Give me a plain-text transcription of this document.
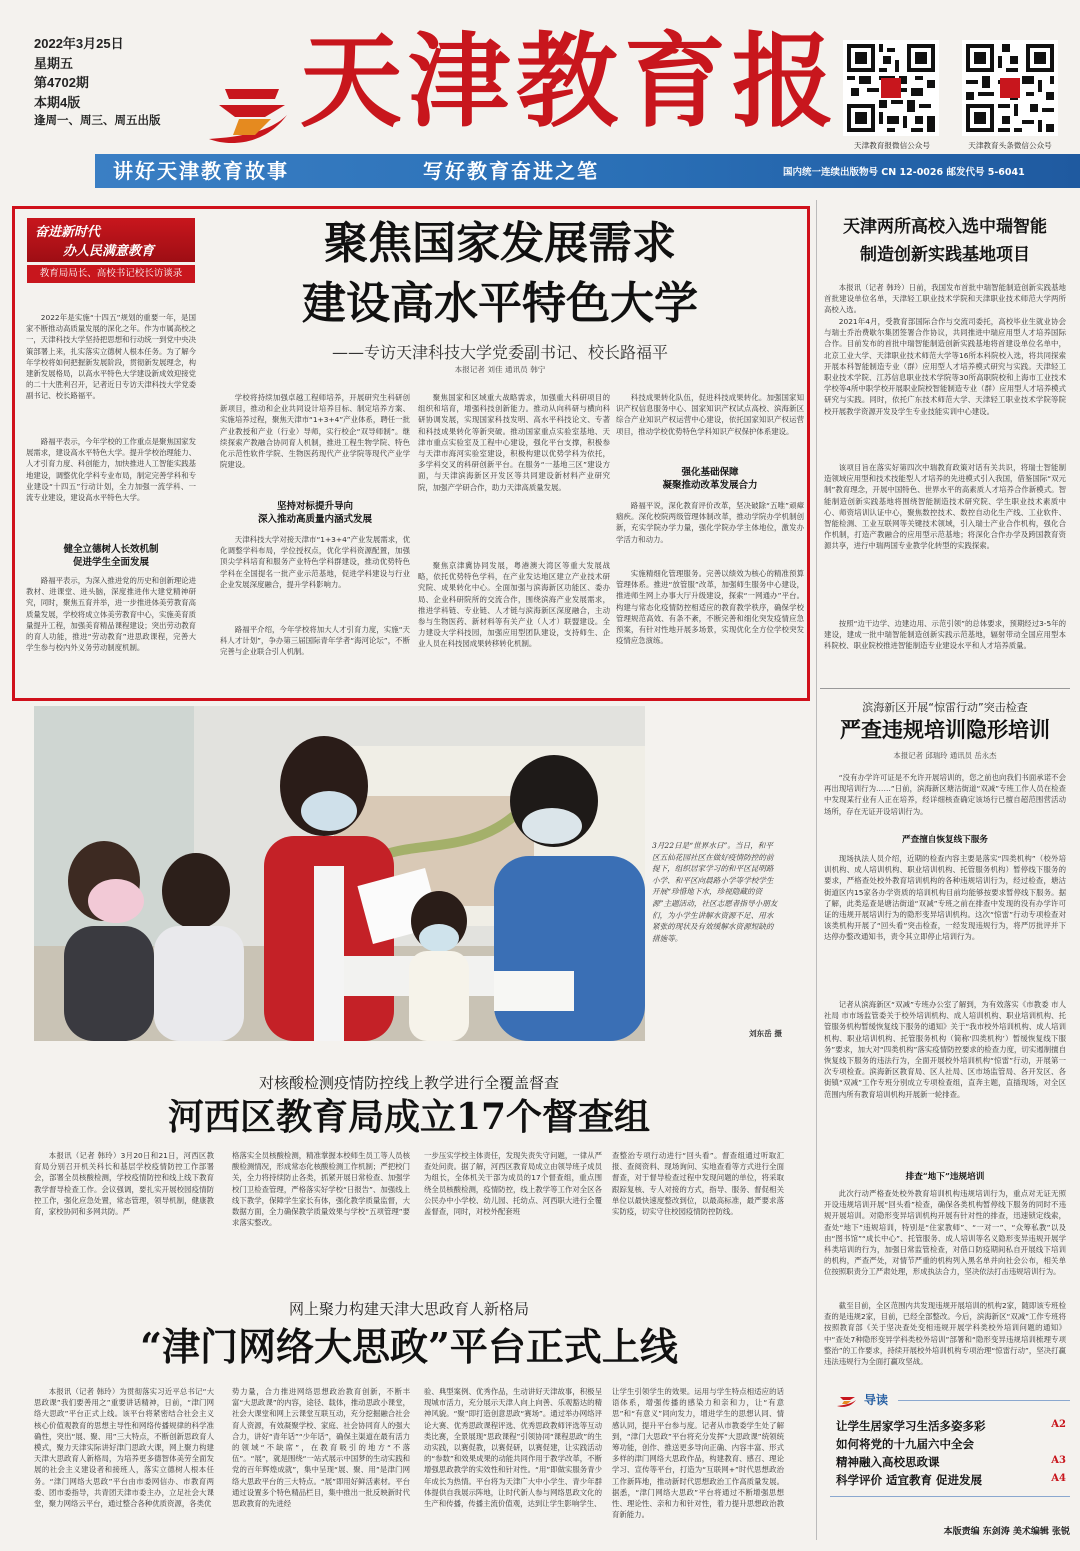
2022年3月25日
星期五
第4702期
本期4版
逢周一、周三、周五出版 天津教育报
天津教育报微信公众号	天津教育头条微信公众号
讲好天津教育故事	写好教育奋进之笔	国内统一连续出版物号 CN 12-0026 邮发代号 5-6041
奋进新时代
办人民满意教育
教育局局长、高校书记校长访谈录
聚焦国家发展需求
建设高水平特色大学
——专访天津科技大学党委副书记、校长路福平
本报记者 刘佳 通讯员 韩宁

2022年是实施“十四五”规划的重要一年，是国家不断推动高质量发展的深化之年。作为市属高校之一，天津科技大学坚持把思想和行动统一到党中央决策部署上来，扎实落实立德树人根本任务。为了解今年学校将如何把握新发展阶段，贯彻新发展理念，构建新发展格局，以高水平特色大学建设新成效迎接党的二十大胜利召开，记者近日专访天津科技大学党委副书记、校长路福平。

路福平表示，今年学校的工作重点是聚焦国家发展需求，建设高水平特色大学。提升学校治理能力、人才引育力度、科创能力，加快推进人工智能实践基地建设，调整优化学科专业布局，制定完善学科和专业建设“十四五”行动计划，全力加强一流学科、一流专业建设，建设高水平特色大学。

健全立德树人长效机制
促进学生全面发展

路福平表示，为深入推进党的历史和创新理论进教材、进课堂、进头脑，深度推进伟大建党精神研究，同时，聚焦五育并举，进一步推进体美劳教育高质量发展，学校将成立体美劳教育中心，实施美育质量提升工程，加强美育精品课程建设；突出劳动教育的育人功能，推进“劳动教育”进思政课程，完善大学生参与校内外义务劳动制度机制。

学校将持续加强卓越工程师培养，开展研究生科研创新项目，推动和企业共同设计培养目标、制定培养方案、实施培养过程，聚焦天津市“1+3+4”产业体系，聘任一批产业教授和产业（行业）导师，实行校企“双导师制”。继续探索产教融合协同育人机制，推进工程生物学院、特色化示范性软件学院、生物医药现代产业学院等现代产业学院建设。

坚持对标提升导向
深入推动高质量内涵式发展

天津科技大学对接天津市“1+3+4”产业发展需求，优化调整学科布局，学位授权点，优化学科资源配置，加强顶尖学科培育和服务产业特色学科群建设，推动优势特色学科在全国提名一批产业示范基地，促进学科建设与行业企业发展深度融合，提升学科影响力。

路福平介绍，今年学校将加大人才引育力度，实施“天科人才计划”，争办第三届国际青年学者“海河论坛”，不断完善与企业联合引人机制。

聚焦国家和区域重大战略需求，加强重大科研项目的组织和培育，增强科技创新能力。推动从向科研与横向科研协调发展，实现国家科技发明、高水平科技论文、专著和科技成果转化等新突破。推动国家重点实验室基地、天津市重点实验室及工程中心建设，强化平台支撑，积极参与天津市海河实验室建设，积极构建以优势学科为依托，多学科交叉的科研创新平台。在服务“一基地三区”建设方面，与天津滨海新区开发区等共同建设新材料产业研究院，加强产学研合作，助力天津高质量发展。

聚焦京津冀协同发展，粤港澳大湾区等重大发展战略，依托优势特色学科，在产业发达地区建立产业技术研究院、成果转化中心。全面加强与滨海新区功能区、委办局、企业科研院所的交流合作，围绕滨海产业发展需求，推进学科链、专业链、人才链与滨海新区深度融合，主动参与生物医药、新材料等有关产业（人才）联盟建设。全力建设大学科技园，加强应用型团队建设，支持师生、企业人员在科技园成果转移转化机制。

科技成果转化队伍，促进科技成果转化。加强国家知识产权信息服务中心、国家知识产权试点高校、滨海新区综合产业知识产权运营中心建设，依托国家知识产权运营项目，推动学校优势特色学科知识产权保护体系建设。

强化基础保障
凝聚推动改革发展合力

路福平说，深化教育评价改革，坚决破除“五唯”顽瘴痼疾。深化校院两级管理体制改革，推动学院办学机制创新，充实学院办学力量，强化学院办学主体地位，激发办学活力和动力。

实施精细化管理服务。完善以绩效为核心的精准预算管理体系。推进“放管服”改革，加强师生服务中心建设，推进师生网上办事大厅升级建设，探索“一网通办”平台。构建与常态化疫情防控相适应的教育教学秩序，确保学校管理规范高效、有条不紊，不断完善和细化突发疫情应急预案，有针对性地开展多场景，实现优化全方位学校突发疫情应急演练。

3月22日是“世界水日”。当日，和平区五仙花园社区在做好疫情防控的前提下，组织居家学习的和平区昆明路小学、和平区向晨路小学等学校学生开展“珍惜地下水，珍视隐藏的资源”主题活动，社区志愿者指导小朋友们，为小学生讲解水资源不足、用水紧张的现状及有效缓解水资源短缺的措施等。
刘东岳 摄
对核酸检测疫情防控线上教学进行全覆盖督查
河西区教育局成立17个督查组
本报讯（记者 韩玲）3月20日和21日，河西区教育局分别召开机关科长和基层学校疫情防控工作部署会，部署全员核酸检测，学校疫情防控和线上线下教育教学督导检查工作。会议强调，要扎实开展校园疫情防控工作，强化应急处置，常态管理，领导机制，健康教育，家校协同和多网共防。严
格落实全员核酸检测，精准掌握本校师生员工等人员核酸检测情况，形成常态化核酸检测工作机制；严把校门关，全力将持续防止各类，抓紧开展日常检查、加强学校门卫检查管理，严格落实好学校“日报告”、加强线上线下教学，保障学生家长有体，强化教学质量监督，大数据方面，全力确保教学质量效果与学校“五项管理”要求落实整改。
一步压实学校主体责任，发现失责失守问题，一律从严查处问责。据了解，河西区教育局成立由领导班子成员为组长，全体机关干部为成员的17个督查组，重点围绕全员核酸检测，疫情防控，线上教学等工作对全区各公民办中小学校、幼儿园、托幼点、河西职大进行全覆盖督查，同时，对校外配套班
查整治专项行动进行“回头看”。督查组通过听取汇报、查阅资料、现场询问、实地查看等方式进行全面督查，对于督导检查过程中发现问题的单位，将采取跟踪复核、专人对接的方式，指导、服务、督促相关单位以最快速度整改到位，以最高标准，最严要求落实防疫，切实守住校园疫情防控防线。
网上聚力构建天津大思政育人新格局
“津门网络大思政”平台正式上线
本报讯（记者 韩玲）为贯彻落实习近平总书记“大思政课”我们要善用之”重要讲话精神，日前，“津门网络大思政”平台正式上线。该平台将紧密结合社会主义核心价值观教育的思想主导性和网络传播规律的科学准确性，突出“展、聚、用”三大特点，不断创新思政育人模式，聚力天津实际讲好津门思政大课，网上聚力构建天津大思政育人新格局，为培养更多德智体美劳全面发展的社会主义建设者和接班人，落实立德树人根本任务。“津门网络大思政”平台由市委网信办、市教育两委、团市委指导，共青团天津市委主办，立足社会大课堂，聚力网络云平台，通过整合各种优质资源，各类优
势力量，合力推进网络思想政治教育创新，不断丰富“大思政课”的内容，途径、载体，推动思政小课堂，社会大课堂和网上云课堂互联互动，充分挖掘融合社会育人资源，有效凝聚学校、家庭、社会协同育人的强大合力，讲好“青年话”“少年话”，确保主渠道在最有活力的领域“不缺席”，在教育吸引的地方“不落伍”。“展”，就是围绕“一站式展示中国梦的生动实践和党的百年辉煌成就”，集中呈现“展、聚、用”是津门网络大思政平台的三大特点。“展”即用好鲜活素材。平台通过设置多个特色精品栏目，集中推出一批反映新时代思政教育的先进经
验、典型案例、优秀作品，生动讲好天津故事，积极呈现城市活力，充分展示天津人向上向善、乐观豁达的精神风貌。“聚”即打造创意思政“赛场”。通过举办网络评论大赛、优秀思政课程评选、优秀思政教师评选等互动类比赛，全景展现“思政课程”引领协同“课程思政”的生动实践，以赛促教，以赛促研，以赛促建，让实践活动的“参数”和效果成果的动能共同作用于教学改革，不断增强思政教学的实效性和针对性。“用”即做实服务青少年成长为热情。平台将为天津广大中小学生、青少年群体提供自我展示阵地，让时代新人参与网络思政文化的生产和传播，传播主流价值观，达到让学生影响学生、
让学生引领学生的效果。运用与学生特点相适应的话语体系，增强传播的感染力和亲和力，让“有意思”和“有意义”同向发力，增进学生的思想认同、情感认同，提升平台参与度。记者从市教委学生处了解到，“津门大思政”平台将充分发挥“大思政课”统领统筹功能，创作、推送更多导向正确、内容丰富、形式多样的津门网络大思政作品，构建教育、感召、理论学习、宣传等平台，打造为“互联网+”时代思想政治工作新阵地，推动新时代思想政治工作高质量发展。据悉，“津门网络大思政”平台将通过不断增强思想性、理论性、亲和力和针对性，着力提升思想政治教育新能力。
天津两所高校入选中瑞智能
制造创新实践基地项目

本报讯（记者 韩玲）日前，我国发布首批中瑞智能制造创新实践基地首批建设单位名单，天津轻工职业技术学院和天津职业技术师范大学两所高校入选。

2021年4月，受教育部国际合作与交流司委托，高校毕业生就业协会与瑞士乔治费歇尔集团签署合作协议，共同推进中瑞应用型人才培养国际合作。目前发布的首批中瑞智能制造创新实践基地将首建设单位名单中，北京工业大学、天津职业技术师范大学等16所本科院校入选，将共同探索开展本科智能制造专业（群）应用型人才培养模式研究与实践。天津轻工职业技术学院、江苏信息职业技术学院等30所高职院校和上海市工业技术学校等4所中职学校开展职业院校智能制造专业（群）应用型人才培养模式研究与实践。同时，依托广东技术师范大学、天津轻工职业技术学院等院校开展教学资源开发及学生专业技能实训中心建设。

该项目旨在落实好第四次中瑞教育政策对话有关共识，将瑞士智能制造领域应用型和技术技能型人才培养的先进模式引入我国，借鉴国际“双元制”教育理念，开展中国特色、世界水平的高素质人才培养合作新模式。智能制造创新实践基地将围绕智能制造技术研究院、学生职业技术素质中心、师资培训认证中心，聚焦数控技术、数控自动化生产线、工业软件、智能检测、工业互联网等关键技术领域，引入瑞士产业合作机构，强化合作机制，打造产教融合的应用型示范基地；将深化合作办学及跨国教育资源共享，进行中瑞两国专业教学化转型的实践探索。

按照“边干边学、边建边用、示范引领”的总体要求，预期经过3-5年的建设，建成一批中瑞智能制造创新实践示范基地，辐射带动全国应用型本科院校、职业院校推进智能制造专业建设水平和人才培养质量。

滨海新区开展“惊雷行动”突击检查
严查违规培训隐形培训
本报记者 邱瑞玲 通讯员 岳永杰

“没有办学许可证是不允许开展培训的，您之前也向我们书面承诺不会再出现培训行为……”日前，滨海新区塘沽街道“双减”专班工作人员在检查中发现某行业有人正在培养，经详细核查确定该场行已擅自超范围营活动场所，存在无证开设培训行为。

严查擅自恢复线下服务

现场执法人员介绍，近期的检查内容主要是落实“四类机构”（校外培训机构、成人培训机构、职业培训机构、托管服务机构）暂停线下服务的要求，严格查处校外教育培训机构的各种违规培训行为，经过检查，塘沽街道区内15家各办学资质的培训机构目前均能够按要求暂停线下服务。据了解，此类巡查是塘沽街道“双减”专班之前在排查中发现的没有办学许可证的违规开展培训行为的隐形变异培训机构。这次“惊雷”行动专项检查对该类机构开展了“回头看”突击检查，一经发现违规行为，将严厉批评并下达停办整改通知书，责令其立即停止培训行为。

记者从滨海新区“双减”专班办公室了解到，为有效落实《市教委 市人社局 市市场监管委关于校外培训机构、成人培训机构、职业培训机构、托管服务机构暂缓恢复线下服务的通知》关于“我市校外培训机构、成人培训机构、职业培训机构、托管服务机构（简称‘四类机构’）暂缓恢复线下服务”要求，加大对“四类机构”落实疫情防控要求的检查力度，切实遏制擅自恢复线下服务的违法行为，全面开展校外培训机构“惊雷”行动，开展第一次专项检查。滨海新区教育局、区人社局、区市场监管局、各开发区、各街镇“双减”工作专班分别成立专项检查组，直奔主题，直插现场，对全区范围内所有教育培训机构开展新一轮排查。

排查“地下”违规培训

此次行动严格查处校外教育培训机构违规培训行为，重点对无证无照开设违规培训开展“回头看”检查，确保各类机构暂停线下服务的同时不违规开展培训。对隐形变异培训机构开展有针对性的排查，迅速锁定线索，查处“地下”违规培训，特别是“住家教师”、“一对一”、“众筹私教”以及由“图书馆”“成长中心”、托管服务、成人培训等名义隐形变异违规开展学科类培训的行为，加强日常监管检查，对借口防疫期间私自开展线下培训的机构，严查严处，对情节严重的机构列入黑名单并向社会公布，相关单位按照职责分工严肃处理，形成执法合力，坚决依法打击违规培训行为。

截至目前，全区范围内共发现违规开展培训的机构2家，随即该专班检查的是违规2家，目前，已经全部整改。今后，滨海新区“双减”工作专班将按照教育部《关于坚决查处变相违规开展学科类校外培训问题的通知》中“查处7种隐形变异学科类校外培训”部署和“隐形变异违规培训梳理专项整治”的工作要求，持续开展校外培训机构专项治理“惊雷行动”，坚决打赢违法违规行为全面打赢攻坚战。

导读
让学生居家学习生活多姿多彩	A2
如何将党的十九届六中全会
精神融入高校思政课	A3
科学评价 适宜教育 促进发展	A4
本版责编 东剑涛 美术编辑 张锐
